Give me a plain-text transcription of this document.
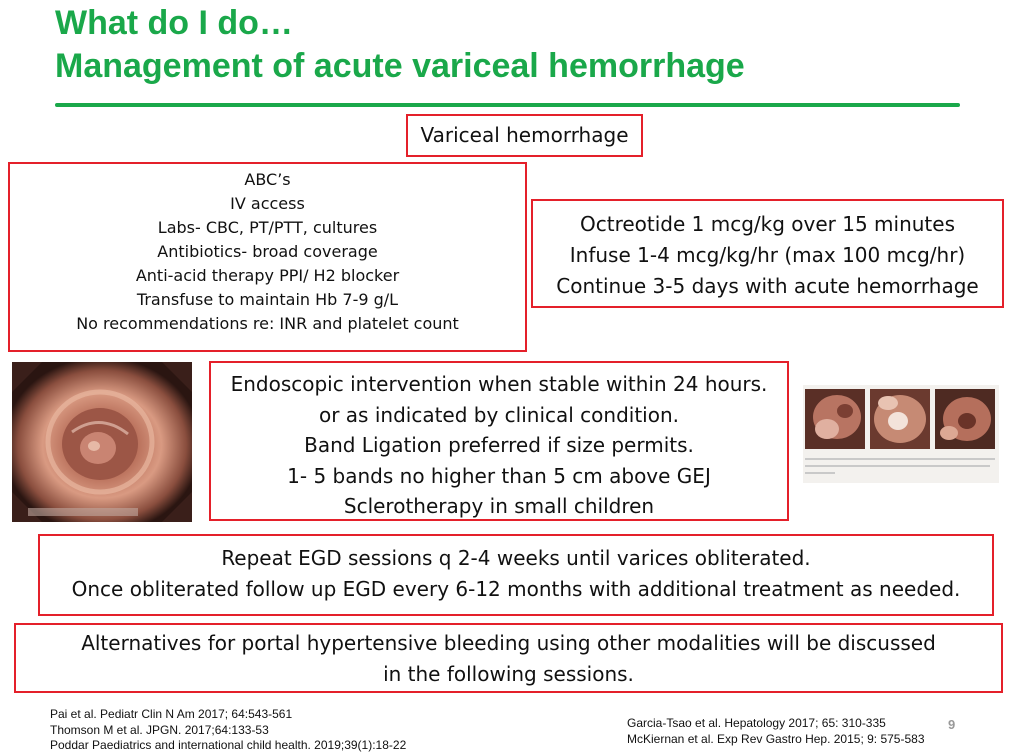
What do I do…
Management of acute variceal hemorrhage
Variceal hemorrhage
ABC’s
IV access
Labs- CBC, PT/PTT, cultures
Antibiotics- broad coverage
Anti-acid therapy PPI/ H2 blocker
Transfuse to maintain Hb 7-9 g/L
No recommendations re: INR and platelet count
Octreotide 1 mcg/kg over 15 minutes
Infuse 1-4 mcg/kg/hr (max 100 mcg/hr)
Continue 3-5 days with acute hemorrhage
Endoscopic intervention when stable within 24 hours.
or as indicated by clinical condition.
Band Ligation preferred if size permits.
1- 5 bands no higher than 5 cm above GEJ
Sclerotherapy in small children
Repeat EGD sessions q 2-4 weeks until varices obliterated.
Once obliterated follow up EGD every 6-12 months with additional treatment as needed.
Alternatives for portal hypertensive bleeding using other modalities will be discussed
in the following sessions.
Pai et al. Pediatr Clin N Am 2017; 64:543-561
Thomson M et al. JPGN. 2017;64:133-53
Poddar Paediatrics and international child health. 2019;39(1):18-22
Garcia-Tsao et al. Hepatology 2017; 65: 310-335
McKiernan et al. Exp Rev Gastro Hep. 2015; 9: 575-583
9
